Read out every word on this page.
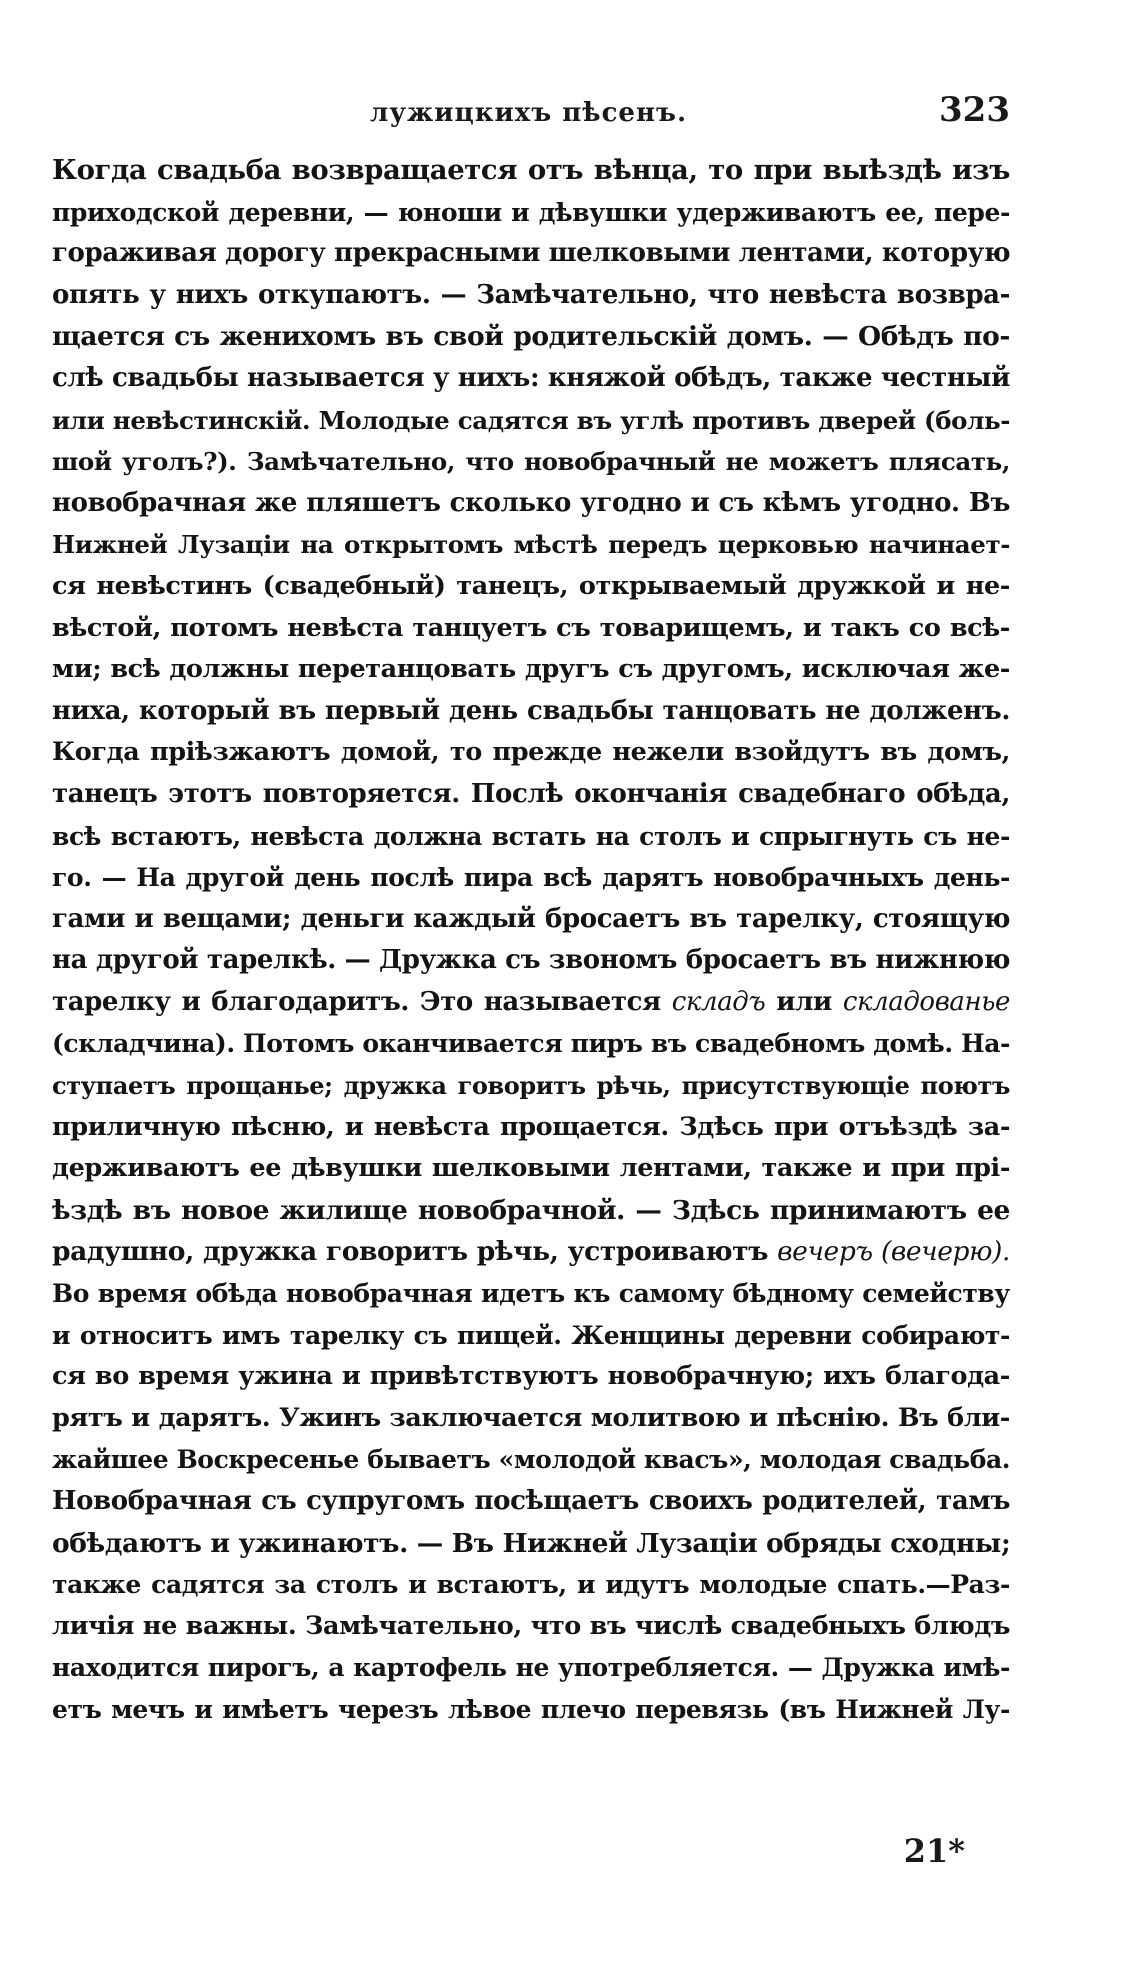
лужицкихъ пѣсенъ.	323
Когда свадьба возвращается отъ вѣнца, то при выѣздѣ изъ
приходской деревни, — юноши и дѣвушки удерживаютъ ее, пере-
гораживая дорогу прекрасными шелковыми лентами, которую
опять у нихъ откупаютъ. — Замѣчательно, что невѣста возвра-
щается съ женихомъ въ свой родительскій домъ. — Обѣдъ по-
слѣ свадьбы называется у нихъ: княжой обѣдъ, также честный
или невѣстинскій. Молодые садятся въ углѣ противъ дверей (боль-
шой уголъ?). Замѣчательно, что новобрачный не можетъ плясать,
новобрачная же пляшетъ сколько угодно и съ кѣмъ угодно. Въ
Нижней Лузаціи на открытомъ мѣстѣ передъ церковью начинает-
ся невѣстинъ (свадебный) танецъ, открываемый дружкой и не-
вѣстой, потомъ невѣста танцуетъ съ товарищемъ, и такъ со всѣ-
ми; всѣ должны перетанцовать другъ съ другомъ, исключая же-
ниха, который въ первый день свадьбы танцовать не долженъ.
Когда пріѣзжаютъ домой, то прежде нежели взойдутъ въ домъ,
танецъ этотъ повторяется. Послѣ окончанія свадебнаго обѣда,
всѣ встаютъ, невѣста должна встать на столъ и спрыгнуть съ не-
го. — На другой день послѣ пира всѣ дарятъ новобрачныхъ день-
гами и вещами; деньги каждый бросаетъ въ тарелку, стоящую
на другой тарелкѣ. — Дружка съ звономъ бросаетъ въ нижнюю
тарелку и благодаритъ. Это называется складъ или складованье
(складчина). Потомъ оканчивается пиръ въ свадебномъ домѣ. На-
ступаетъ прощанье; дружка говоритъ рѣчь, присутствующіе поютъ
приличную пѣсню, и невѣста прощается. Здѣсь при отъѣздѣ за-
держиваютъ ее дѣвушки шелковыми лентами, также и при прі-
ѣздѣ въ новое жилище новобрачной. — Здѣсь принимаютъ ее
радушно, дружка говоритъ рѣчь, устроиваютъ вечеръ (вечерю).
Во время обѣда новобрачная идетъ къ самому бѣдному семейству
и относитъ имъ тарелку съ пищей. Женщины деревни собирают-
ся во время ужина и привѣтствуютъ новобрачную; ихъ благода-
рятъ и дарятъ. Ужинъ заключается молитвою и пѣснію. Въ бли-
жайшее Воскресенье бываетъ «молодой квасъ», молодая свадьба.
Новобрачная съ супругомъ посѣщаетъ своихъ родителей, тамъ
обѣдаютъ и ужинаютъ. — Въ Нижней Лузаціи обряды сходны;
также садятся за столъ и встаютъ, и идутъ молодые спать.—Раз-
личія не важны. Замѣчательно, что въ числѣ свадебныхъ блюдъ
находится пирогъ, а картофель не употребляется. — Дружка имѣ-
етъ мечъ и имѣетъ черезъ лѣвое плечо перевязь (въ Нижней Лу-
21*
